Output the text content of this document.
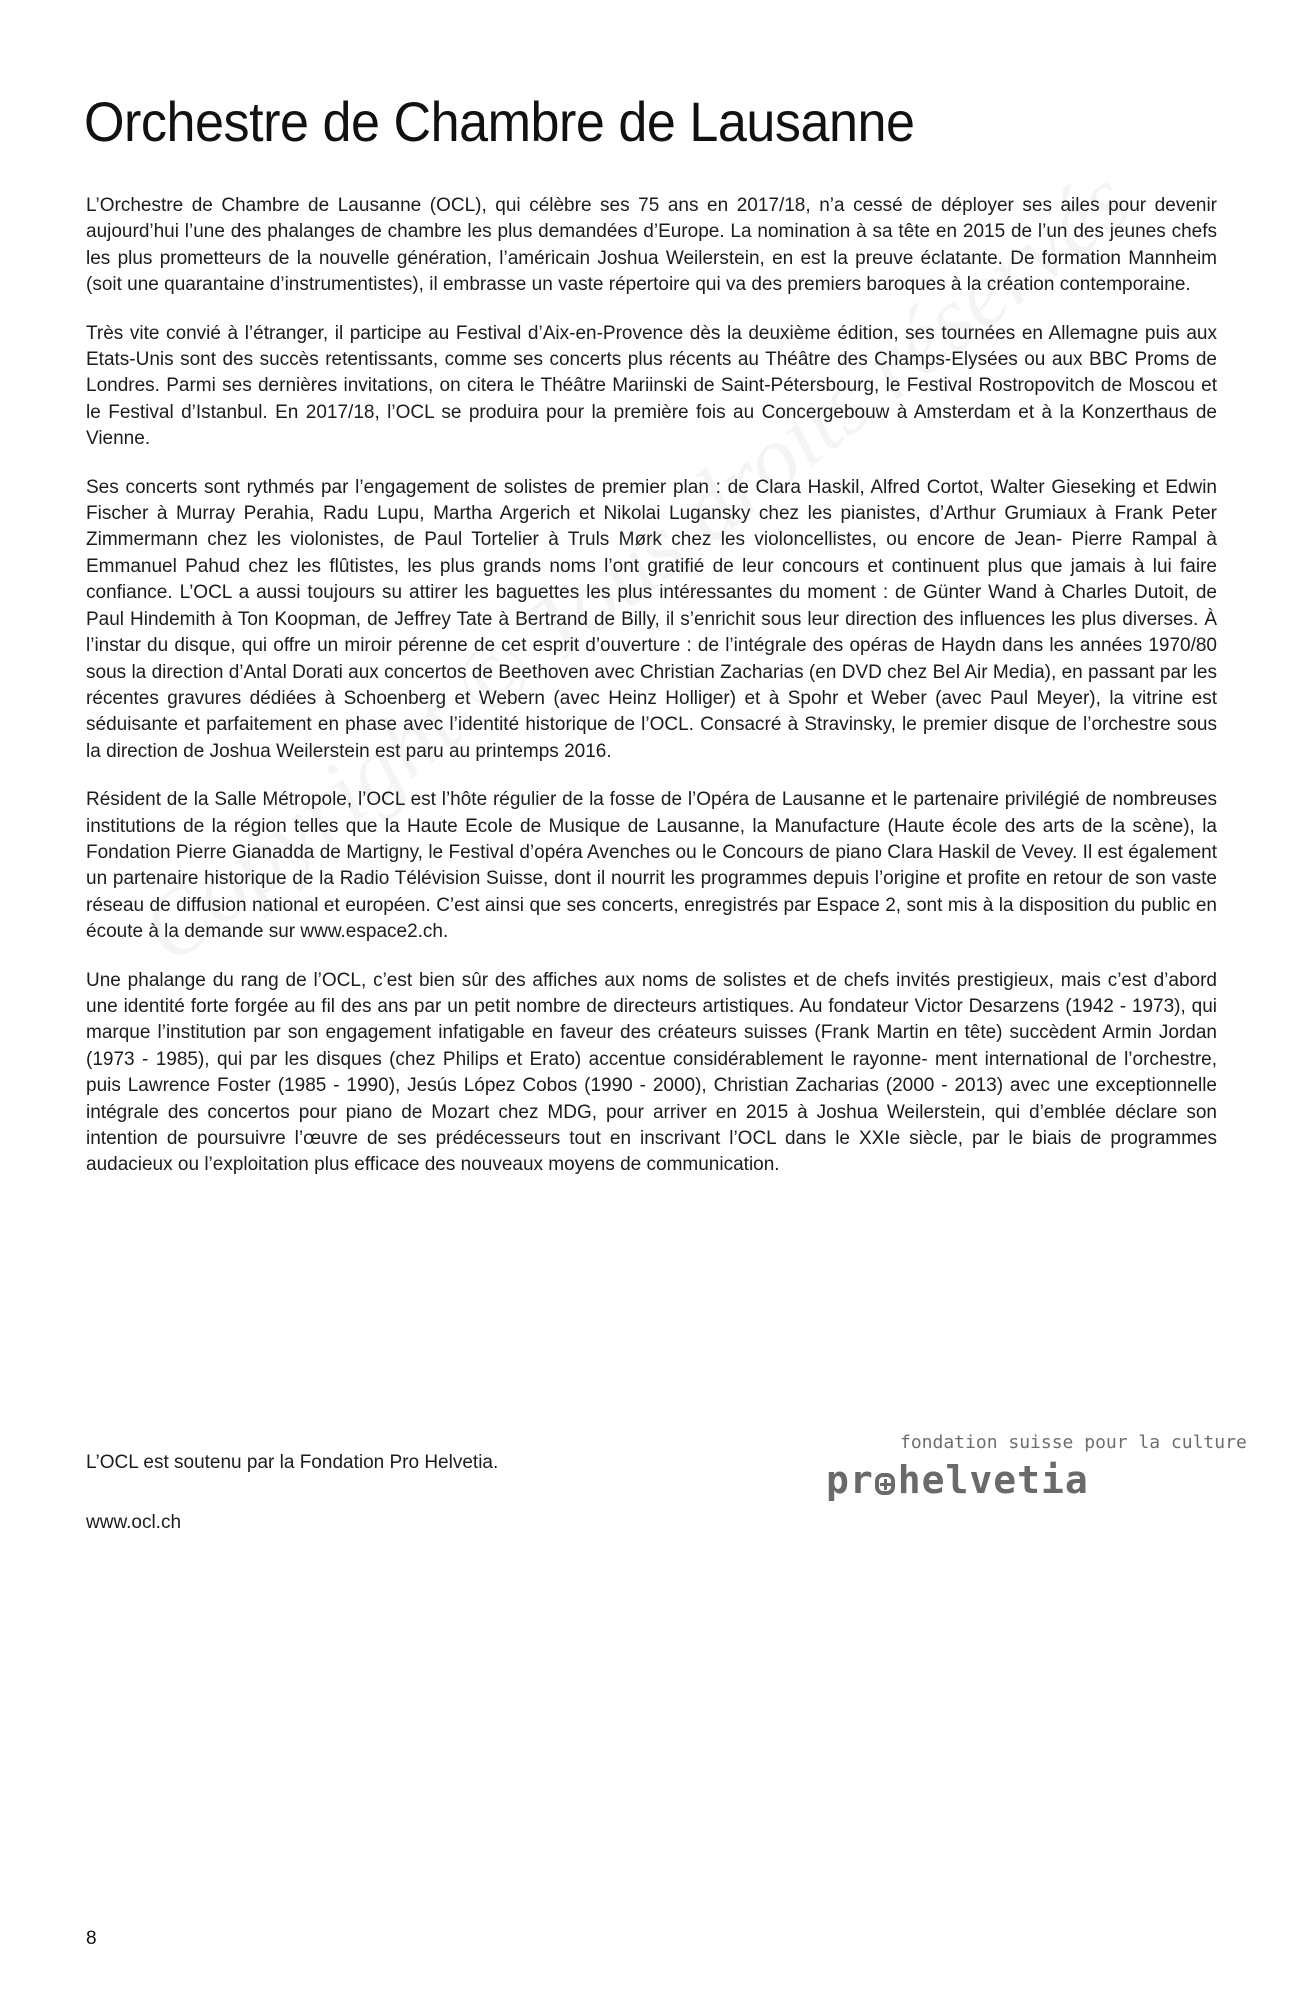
Orchestre de Chambre de Lausanne

L’Orchestre de Chambre de Lausanne (OCL), qui célèbre ses 75 ans en 2017/18, n’a cessé de déployer ses ailes pour devenir aujourd’hui l’une des phalanges de chambre les plus demandées d’Europe. La nomination à sa tête en 2015 de l’un des jeunes chefs les plus prometteurs de la nouvelle génération, l’américain Joshua Weilerstein, en est la preuve éclatante. De formation Mannheim (soit une quarantaine d’instrumentistes), il embrasse un vaste répertoire qui va des premiers baroques à la création contemporaine.

Très vite convié à l’étranger, il participe au Festival d’Aix-en-Provence dès la deuxième édition, ses tournées en Allemagne puis aux Etats-Unis sont des succès retentissants, comme ses concerts plus récents au Théâtre des Champs-Elysées ou aux BBC Proms de Londres. Parmi ses dernières invitations, on citera le Théâtre Mariinski de Saint-Pétersbourg, le Festival Rostropovitch de Moscou et le Festival d’Istanbul. En 2017/18, l’OCL se produira pour la première fois au Concergebouw à Amsterdam et à la Konzerthaus de Vienne.

Ses concerts sont rythmés par l’engagement de solistes de premier plan : de Clara Haskil, Alfred Cortot, Walter Gieseking et Edwin Fischer à Murray Perahia, Radu Lupu, Martha Argerich et Nikolai Lugansky chez les pianistes, d’Arthur Grumiaux à Frank Peter Zimmermann chez les violonistes, de Paul Tortelier à Truls Mørk chez les violoncellistes, ou encore de Jean- Pierre Rampal à Emmanuel Pahud chez les flûtistes, les plus grands noms l’ont gratifié de leur concours et continuent plus que jamais à lui faire confiance. L’OCL a aussi toujours su attirer les baguettes les plus intéressantes du moment : de Günter Wand à Charles Dutoit, de Paul Hindemith à Ton Koopman, de Jeffrey Tate à Bertrand de Billy, il s’enrichit sous leur direction des influences les plus diverses. À l’instar du disque, qui offre un miroir pérenne de cet esprit d’ouverture : de l’intégrale des opéras de Haydn dans les années 1970/80 sous la direction d’Antal Dorati aux concertos de Beethoven avec Christian Zacharias (en DVD chez Bel Air Media), en passant par les récentes gravures dédiées à Schoenberg et Webern (avec Heinz Holliger) et à Spohr et Weber (avec Paul Meyer), la vitrine est séduisante et parfaitement en phase avec l’identité historique de l’OCL. Consacré à Stravinsky, le premier disque de l’orchestre sous la direction de Joshua Weilerstein est paru au printemps 2016.

Résident de la Salle Métropole, l’OCL est l’hôte régulier de la fosse de l’Opéra de Lausanne et le partenaire privilégié de nombreuses institutions de la région telles que la Haute Ecole de Musique de Lausanne, la Manufacture (Haute école des arts de la scène), la Fondation Pierre Gianadda de Martigny, le Festival d’opéra Avenches ou le Concours de piano Clara Haskil de Vevey. Il est également un partenaire historique de la Radio Télévision Suisse, dont il nourrit les programmes depuis l’origine et profite en retour de son vaste réseau de diffusion national et européen. C’est ainsi que ses concerts, enregistrés par Espace 2, sont mis à la disposition du public en écoute à la demande sur www.espace2.ch.

Une phalange du rang de l’OCL, c’est bien sûr des affiches aux noms de solistes et de chefs invités prestigieux, mais c’est d’abord une identité forte forgée au fil des ans par un petit nombre de directeurs artistiques. Au fondateur Victor Desarzens (1942 - 1973), qui marque l’institution par son engagement infatigable en faveur des créateurs suisses (Frank Martin en tête) succèdent Armin Jordan (1973 - 1985), qui par les disques (chez Philips et Erato) accentue considérablement le rayonne- ment international de l’orchestre, puis Lawrence Foster (1985 - 1990), Jesús López Cobos (1990 - 2000), Christian Zacharias (2000 - 2013) avec une exceptionnelle intégrale des concertos pour piano de Mozart chez MDG, pour arriver en 2015 à Joshua Weilerstein, qui d’emblée déclare son intention de poursuivre l’œuvre de ses prédécesseurs tout en inscrivant l’OCL dans le XXIe siècle, par le biais de programmes audacieux ou l’exploitation plus efficace des nouveaux moyens de communication.

L’OCL est soutenu par la Fondation Pro Helvetia.

www.ocl.ch

fondation suisse pour la culture
pr helvetia

8
